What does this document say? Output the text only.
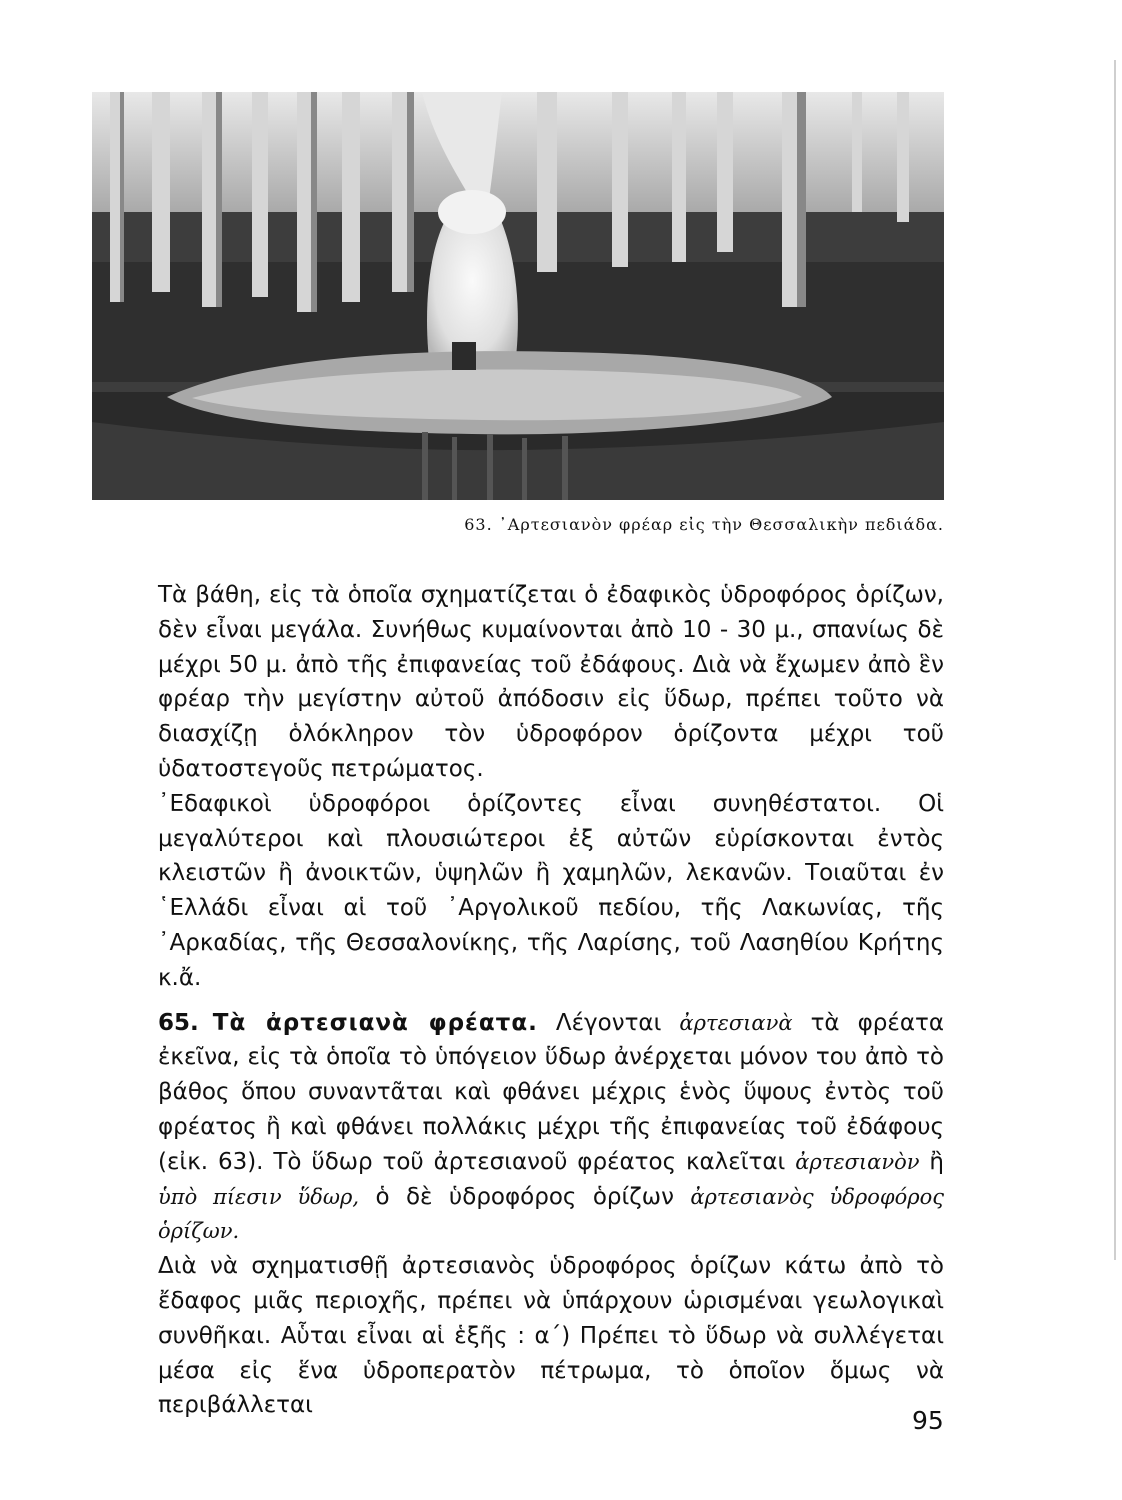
63. ᾿Αρτεσιανὸν φρέαρ εἰς τὴν Θεσσαλικὴν πεδιάδα.

Τὰ βάθη, εἰς τὰ ὁποῖα σχηματίζεται ὁ ἐδαφικὸς ὑδροφόρος ὁρίζων, δὲν εἶναι μεγάλα. Συνήθως κυμαίνονται ἀπὸ 10 - 30 μ., σπανίως δὲ μέχρι 50 μ. ἀπὸ τῆς ἐπιφανείας τοῦ ἐδάφους. Διὰ νὰ ἔχωμεν ἀπὸ ἓν φρέαρ τὴν μεγίστην αὐτοῦ ἀπόδοσιν εἰς ὕδωρ, πρέπει τοῦτο νὰ διασχίζῃ ὁλόκληρον τὸν ὑδροφόρον ὁρίζοντα μέχρι τοῦ ὑδατοστεγοῦς πετρώματος.

᾿Εδαφικοὶ ὑδροφόροι ὁρίζοντες εἶναι συνηθέστατοι. Οἱ μεγαλύτεροι καὶ πλουσιώτεροι ἐξ αὐτῶν εὑρίσκονται ἐντὸς κλειστῶν ἢ ἀνοικτῶν, ὑψηλῶν ἢ χαμηλῶν, λεκανῶν. Τοιαῦται ἐν ῾Ελλάδι εἶναι αἱ τοῦ ᾿Αργολικοῦ πεδίου, τῆς Λακωνίας, τῆς ᾿Αρκαδίας, τῆς Θεσσαλονίκης, τῆς Λαρίσης, τοῦ Λασηθίου Κρήτης κ.ἄ.

65. Τὰ ἀρτεσιανὰ φρέατα. Λέγονται ἀρτεσιανὰ τὰ φρέατα ἐκεῖνα, εἰς τὰ ὁποῖα τὸ ὑπόγειον ὕδωρ ἀνέρχεται μόνον του ἀπὸ τὸ βάθος ὅπου συναντᾶται καὶ φθάνει μέχρις ἑνὸς ὕψους ἐντὸς τοῦ φρέατος ἢ καὶ φθάνει πολλάκις μέχρι τῆς ἐπιφανείας τοῦ ἐδάφους (εἰκ. 63). Τὸ ὕδωρ τοῦ ἀρτεσιανοῦ φρέατος καλεῖται ἀρτεσιανὸν ἢ ὑπὸ πίεσιν ὕδωρ, ὁ δὲ ὑδροφόρος ὁρίζων ἀρτεσιανὸς ὑδροφόρος ὁρίζων.

Διὰ νὰ σχηματισθῇ ἀρτεσιανὸς ὑδροφόρος ὁρίζων κάτω ἀπὸ τὸ ἔδαφος μιᾶς περιοχῆς, πρέπει νὰ ὑπάρχουν ὡρισμέναι γεωλογικαὶ συνθῆκαι. Αὗται εἶναι αἱ ἑξῆς : α΄) Πρέπει τὸ ὕδωρ νὰ συλλέγεται μέσα εἰς ἕνα ὑδροπερατὸν πέτρωμα, τὸ ὁποῖον ὅμως νὰ περιβάλλεται

95
